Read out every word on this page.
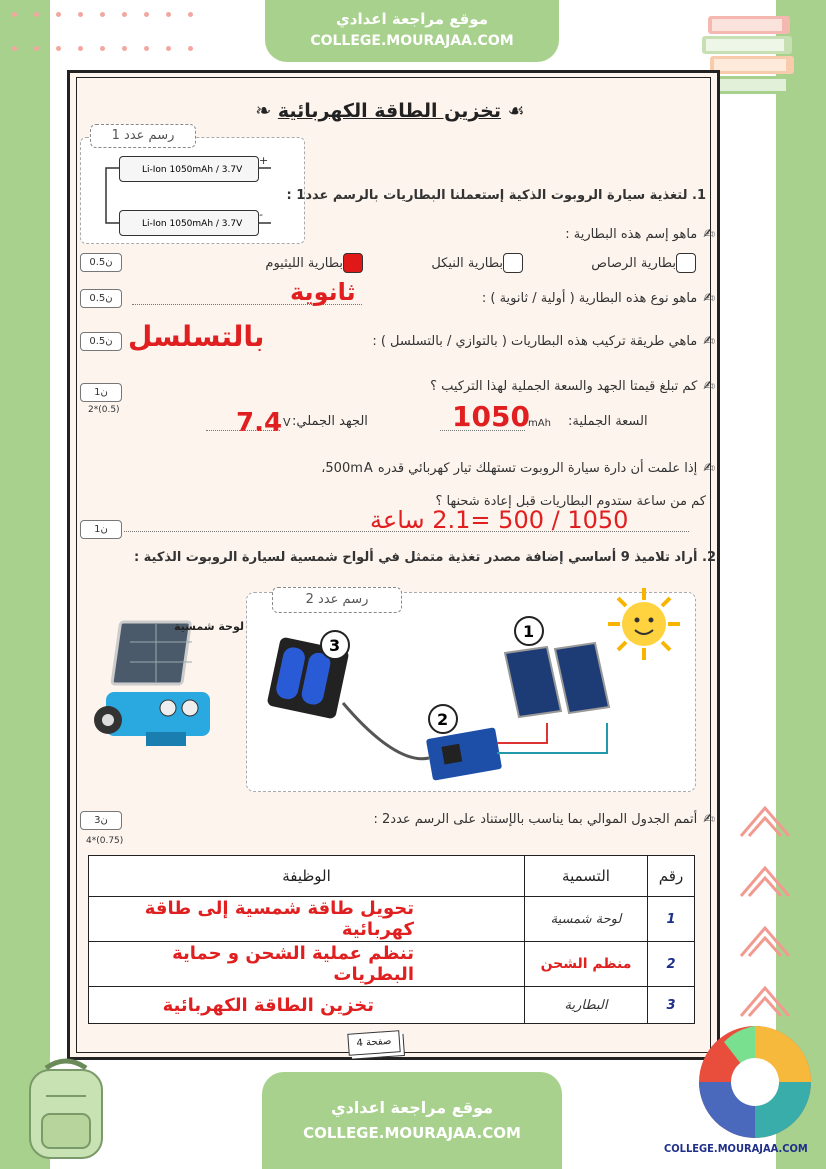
موقع مراجعة اعدادي
COLLEGE.MOURAJAA.COM
☙ تخزين الطاقة الكهربائية ❧
+
-
Li-Ion 1050mAh / 3.7V
Li-Ion 1050mAh / 3.7V
رسم عدد 1
1. لتغذية سيارة الروبوت الذكية إستعملنا البطاريات بالرسم عدد1 :
✍ماهو إسم هذه البطارية :
0.5ن	بطارية الرصاص  بطارية النيكل  بطارية الليثيوم
✍ماهو نوع هذه البطارية ( أولية / ثانوية ) :
0.5ن	ثانوية
✍ماهي طريقة تركيب هذه البطاريات ( بالتوازي / بالتسلسل ) :
0.5ن بالتسلسل
✍كم تبلغ قيمتا الجهد والسعة الجملية لهذا التركيب ؟
1ن
2*(0.5)
السعة الجملية:
mAh
1050
الجهد الجملي:
V
7.4
✍إذا علمت أن دارة سيارة الروبوت تستهلك تيار كهربائي قدره 500mA،
كم من ساعة ستدوم البطاريات قبل إعادة شحنها ؟
1ن	1050 / 500 =2.1 ساعة
2. أراد تلاميذ 9 أساسي إضافة مصدر تغذية متمثل في ألواح شمسية لسيارة الروبوت الذكية :
لوحة شمسية	1
2
3
رسم عدد 2
✍أتمم الجدول الموالي بما يناسب بالإستناد على الرسم عدد2 :
3ن
4*(0.75)
رقم	التسمية	الوظيفة
1	لوحة شمسية	تحويل طاقة شمسية إلى طاقة كهربائية
2	منظم الشحن	تنظم عملية الشحن و حماية البطريات
3	البطارية	تخزين الطاقة الكهربائية
صفحة 4
موقع مراجعة اعدادي
COLLEGE.MOURAJAA.COM
COLLEGE.MOURAJAA.COM
